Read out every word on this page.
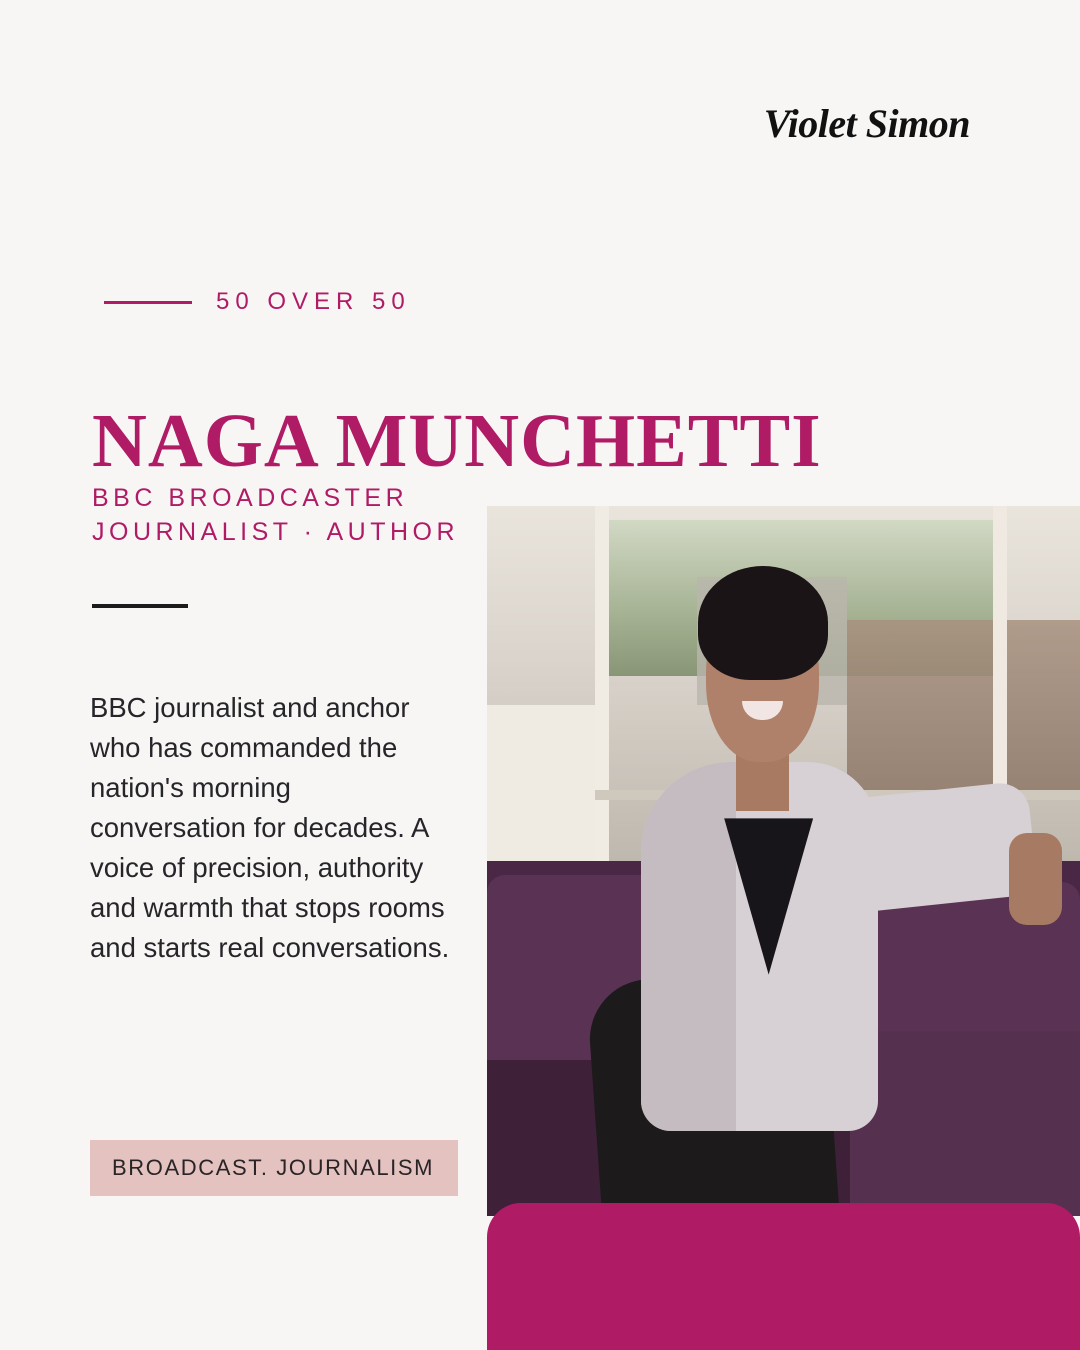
Violet Simon
50 OVER 50
NAGA MUNCHETTI
BBC BROADCASTER
JOURNALIST · AUTHOR

BBC journalist and anchor who has commanded the nation's morning conversation for decades. A voice of precision, authority and warmth that stops rooms and starts real conversations.

BROADCAST. JOURNALISM
